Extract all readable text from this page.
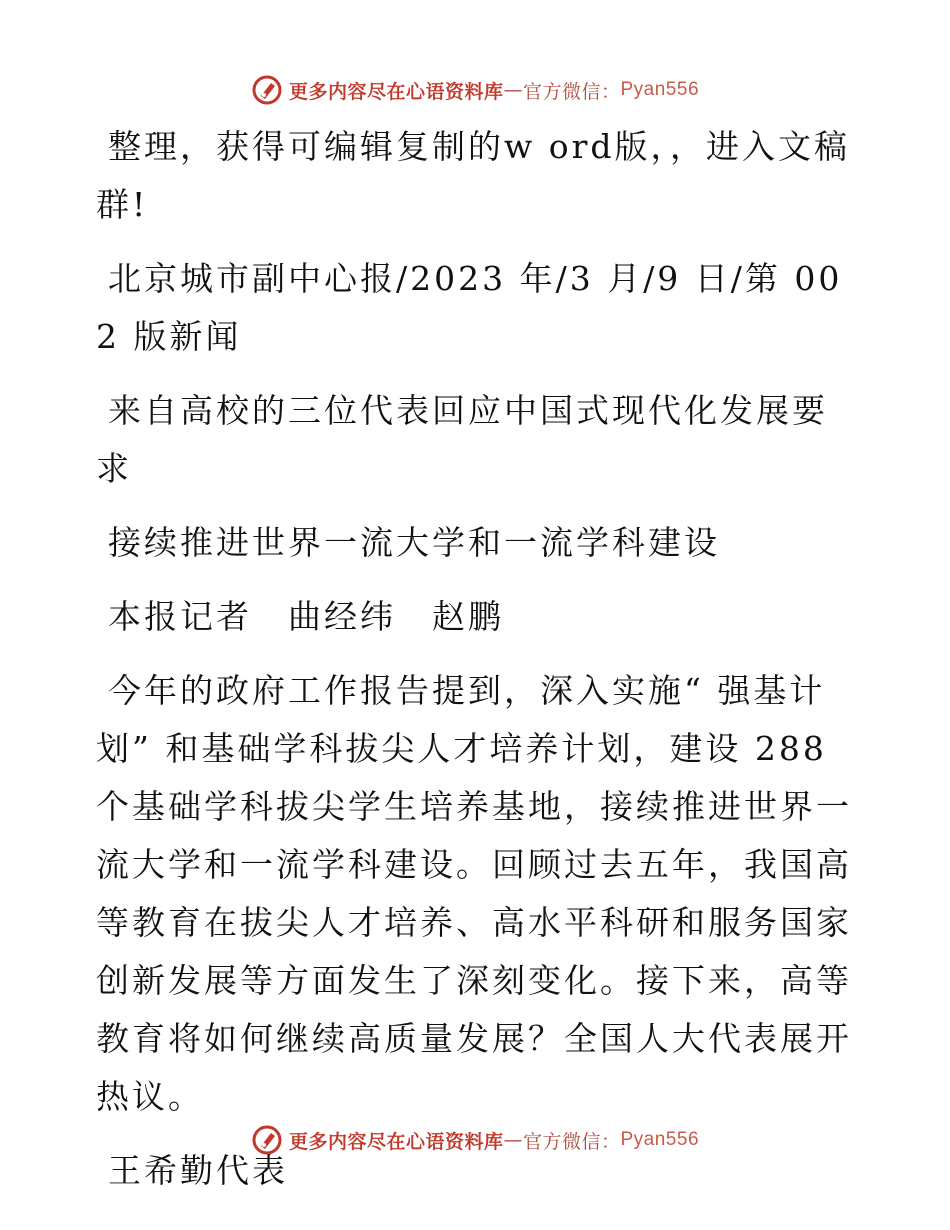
更多内容尽在心语资料库 — 官方微信： Pyan556

整理，获得可编辑复制的w ord版，，进入文稿群!

北京城市副中心报/2023 年/3 月/9 日/第 002 版新闻

来自高校的三位代表回应中国式现代化发展要求

接续推进世界一流大学和一流学科建设

本报记者　曲经纬　赵鹏

今年的政府工作报告提到，深入实施“ 强基计划” 和基础学科拔尖人才培养计划，建设 288个基础学科拔尖学生培养基地，接续推进世界一流大学和一流学科建设。回顾过去五年，我国高等教育在拔尖人才培养、高水平科研和服务国家创新发展等方面发生了深刻变化。接下来，高等教育将如何继续高质量发展？全国人大代表展开热议。

王希勤代表

更多内容尽在心语资料库 — 官方微信： Pyan556
